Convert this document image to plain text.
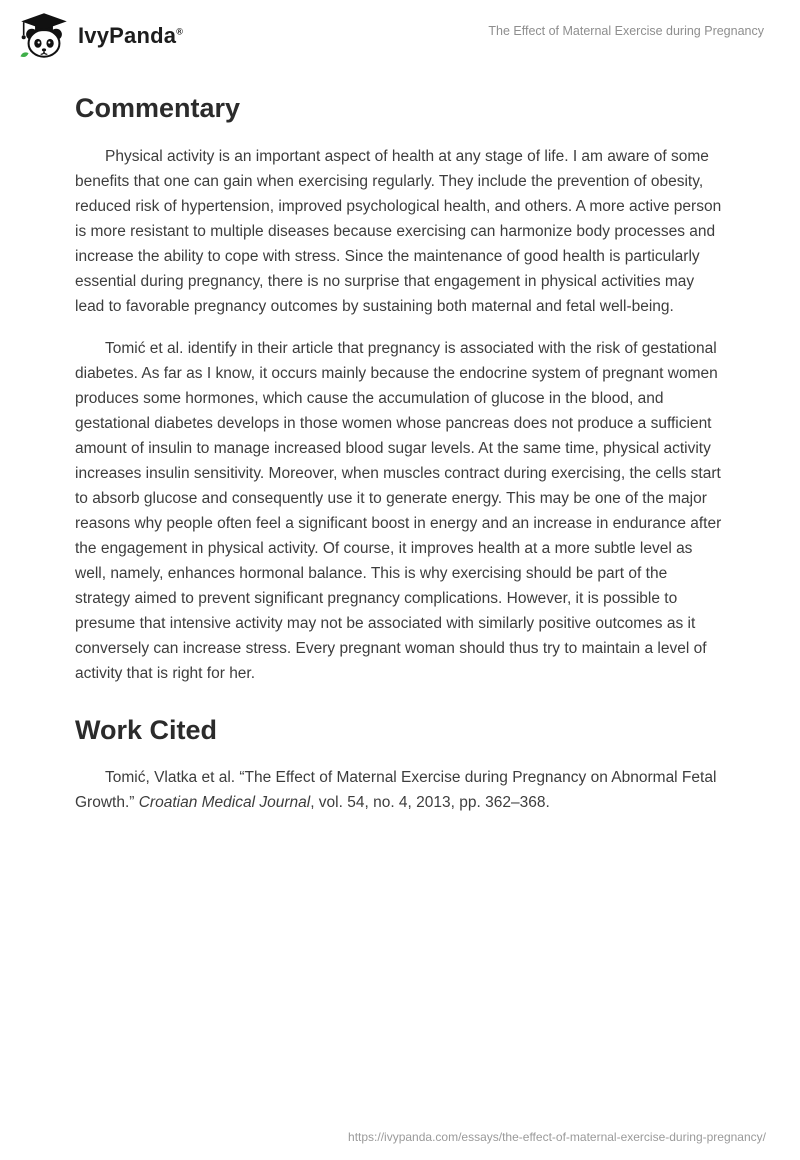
IvyPanda®	The Effect of Maternal Exercise during Pregnancy
Commentary

Physical activity is an important aspect of health at any stage of life. I am aware of some benefits that one can gain when exercising regularly. They include the prevention of obesity, reduced risk of hypertension, improved psychological health, and others. A more active person is more resistant to multiple diseases because exercising can harmonize body processes and increase the ability to cope with stress. Since the maintenance of good health is particularly essential during pregnancy, there is no surprise that engagement in physical activities may lead to favorable pregnancy outcomes by sustaining both maternal and fetal well-being.

Tomić et al. identify in their article that pregnancy is associated with the risk of gestational diabetes. As far as I know, it occurs mainly because the endocrine system of pregnant women produces some hormones, which cause the accumulation of glucose in the blood, and gestational diabetes develops in those women whose pancreas does not produce a sufficient amount of insulin to manage increased blood sugar levels. At the same time, physical activity increases insulin sensitivity. Moreover, when muscles contract during exercising, the cells start to absorb glucose and consequently use it to generate energy. This may be one of the major reasons why people often feel a significant boost in energy and an increase in endurance after the engagement in physical activity. Of course, it improves health at a more subtle level as well, namely, enhances hormonal balance. This is why exercising should be part of the strategy aimed to prevent significant pregnancy complications. However, it is possible to presume that intensive activity may not be associated with similarly positive outcomes as it conversely can increase stress. Every pregnant woman should thus try to maintain a level of activity that is right for her.

Work Cited

Tomić, Vlatka et al. “The Effect of Maternal Exercise during Pregnancy on Abnormal Fetal Growth.” Croatian Medical Journal, vol. 54, no. 4, 2013, pp. 362–368.

https://ivypanda.com/essays/the-effect-of-maternal-exercise-during-pregnancy/
